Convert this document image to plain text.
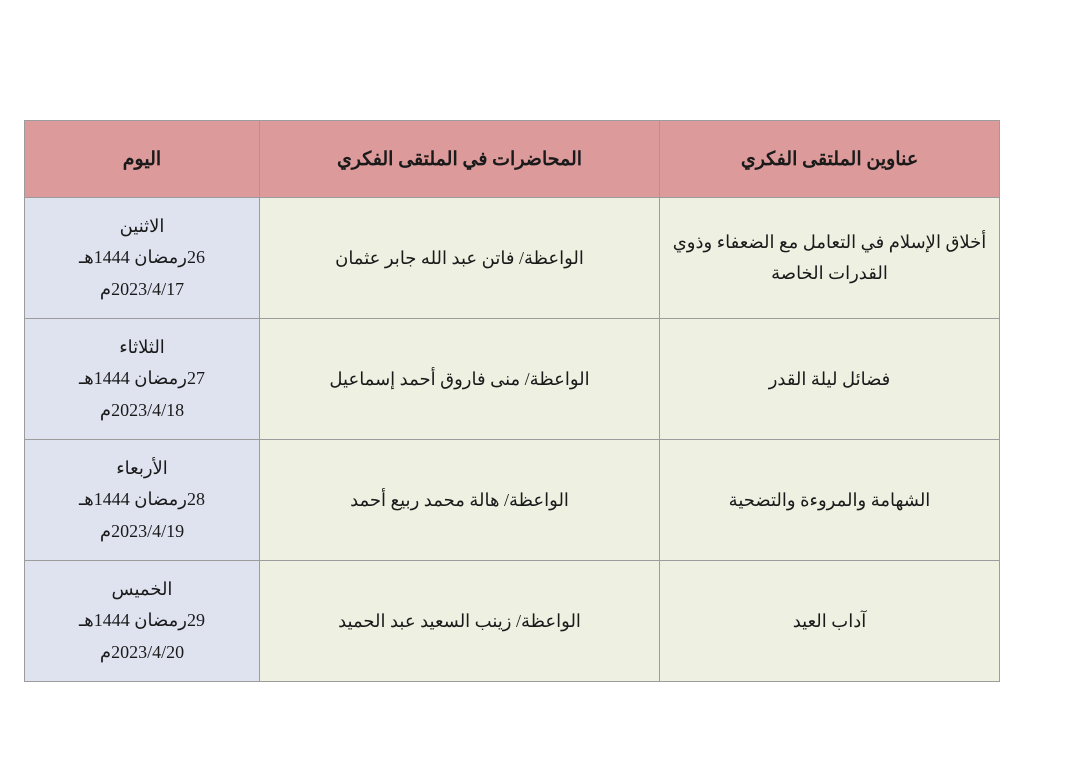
عناوين الملتقى الفكري	المحاضرات في الملتقى الفكري	اليوم
أخلاق الإسلام في التعامل مع الضعفاء وذوي القدرات الخاصة	الواعظة/ فاتن عبد الله جابر عثمان	الاثنين
26رمضان 1444هـ
2023/4/17م

فضائل ليلة القدر	الواعظة/ منى فاروق أحمد إسماعيل	الثلاثاء
27رمضان 1444هـ
2023/4/18م

الشهامة والمروءة والتضحية	الواعظة/ هالة محمد ربيع أحمد	الأربعاء
28رمضان 1444هـ
2023/4/19م

آداب العيد	الواعظة/ زينب السعيد عبد الحميد	الخميس
29رمضان 1444هـ
2023/4/20م
